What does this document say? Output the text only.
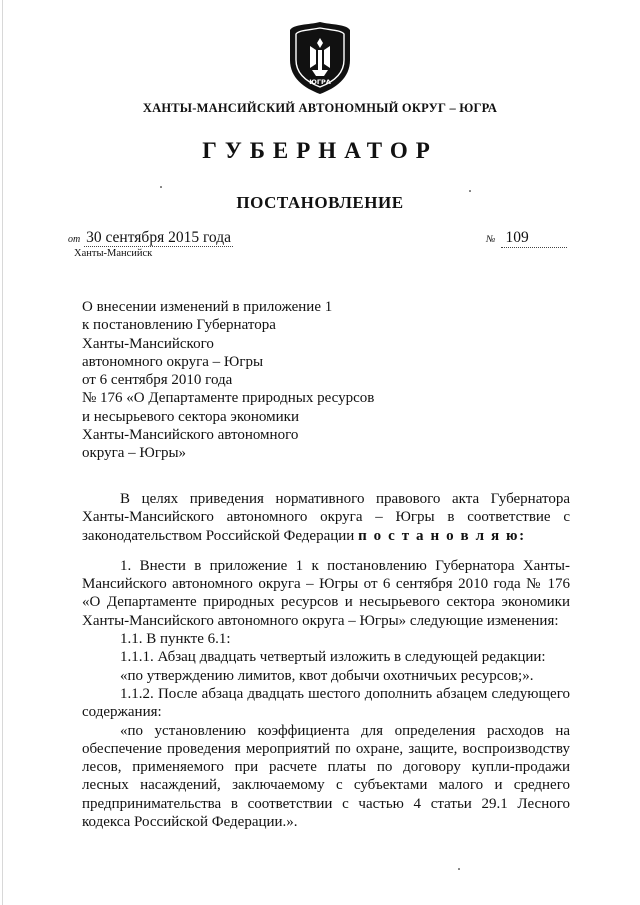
ЮГРА
ХАНТЫ-МАНСИЙСКИЙ АВТОНОМНЫЙ ОКРУГ – ЮГРА
ГУБЕРНАТОР
ПОСТАНОВЛЕНИЕ
от 30 сентября 2015 года	№ 109
Ханты-Мансийск
О внесении изменений в приложение 1
к постановлению Губернатора
Ханты-Мансийского
автономного округа – Югры
от 6 сентября 2010 года
№ 176 «О Департаменте природных ресурсов
и несырьевого сектора экономики
Ханты-Мансийского автономного
округа – Югры»

В целях приведения нормативного правового акта Губернатора Ханты-Мансийского автономного округа – Югры в соответствие с законодательством Российской Федерации п о с т а н о в л я ю:

1. Внести в приложение 1 к постановлению Губернатора Ханты-Мансийского автономного округа – Югры от 6 сентября 2010 года № 176 «О Департаменте природных ресурсов и несырьевого сектора экономики Ханты-Мансийского автономного округа – Югры» следующие изменения:

1.1. В пункте 6.1:

1.1.1. Абзац двадцать четвертый изложить в следующей редакции:

«по утверждению лимитов, квот добычи охотничьих ресурсов;».

1.1.2. После абзаца двадцать шестого дополнить абзацем следующего содержания:

«по установлению коэффициента для определения расходов на обеспечение проведения мероприятий по охране, защите, воспроизводству лесов, применяемого при расчете платы по договору купли-продажи лесных насаждений, заключаемому с субъектами малого и среднего предпринимательства в соответствии с частью 4 статьи 29.1 Лесного кодекса Российской Федерации.».
